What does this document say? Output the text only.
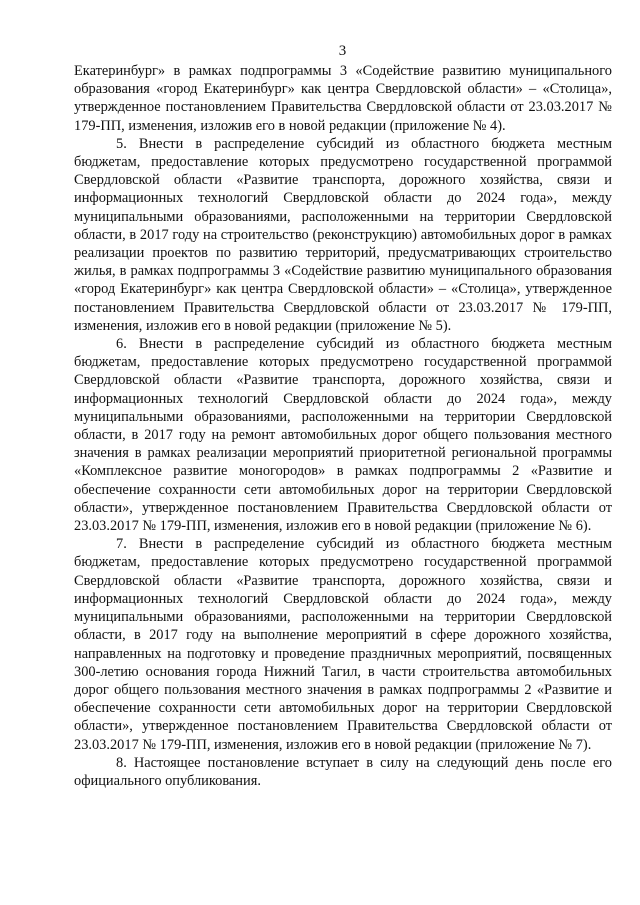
3

Екатеринбург» в рамках подпрограммы 3 «Содействие развитию муниципального образования «город Екатеринбург» как центра Свердловской области» – «Столица», утвержденное постановлением Правительства Свердловской области от 23.03.2017 № 179-ПП, изменения, изложив его в новой редакции (приложение № 4).

5. Внести в распределение субсидий из областного бюджета местным бюджетам, предоставление которых предусмотрено государственной программой Свердловской области «Развитие транспорта, дорожного хозяйства, связи и информационных технологий Свердловской области до 2024 года», между муниципальными образованиями, расположенными на территории Свердловской области, в 2017 году на строительство (реконструкцию) автомобильных дорог в рамках реализации проектов по развитию территорий, предусматривающих строительство жилья, в рамках подпрограммы 3 «Содействие развитию муниципального образования «город Екатеринбург» как центра Свердловской области» – «Столица», утвержденное постановлением Правительства Свердловской области от 23.03.2017 № 179-ПП, изменения, изложив его в новой редакции (приложение № 5).

6. Внести в распределение субсидий из областного бюджета местным бюджетам, предоставление которых предусмотрено государственной программой Свердловской области «Развитие транспорта, дорожного хозяйства, связи и информационных технологий Свердловской области до 2024 года», между муниципальными образованиями, расположенными на территории Свердловской области, в 2017 году на ремонт автомобильных дорог общего пользования местного значения в рамках реализации мероприятий приоритетной региональной программы «Комплексное развитие моногородов» в рамках подпрограммы 2 «Развитие и обеспечение сохранности сети автомобильных дорог на территории Свердловской области», утвержденное постановлением Правительства Свердловской области от 23.03.2017 № 179-ПП, изменения, изложив его в новой редакции (приложение № 6).

7. Внести в распределение субсидий из областного бюджета местным бюджетам, предоставление которых предусмотрено государственной программой Свердловской области «Развитие транспорта, дорожного хозяйства, связи и информационных технологий Свердловской области до 2024 года», между муниципальными образованиями, расположенными на территории Свердловской области, в 2017 году на выполнение мероприятий в сфере дорожного хозяйства, направленных на подготовку и проведение праздничных мероприятий, посвященных 300-летию основания города Нижний Тагил, в части строительства автомобильных дорог общего пользования местного значения в рамках подпрограммы 2 «Развитие и обеспечение сохранности сети автомобильных дорог на территории Свердловской области», утвержденное постановлением Правительства Свердловской области от 23.03.2017 № 179-ПП, изменения, изложив его в новой редакции (приложение № 7).

8. Настоящее постановление вступает в силу на следующий день после его официального опубликования.
